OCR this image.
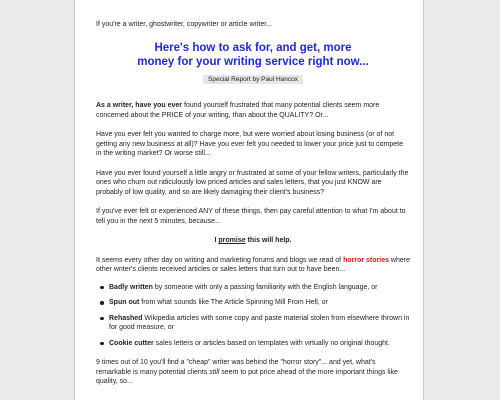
If you're a writer, ghostwriter, copywriter or article writer...

Here's how to ask for, and get, more
money for your writing service right now...
Special Report by Paul Hancox

As a writer, have you ever found yourself frustrated that many potential clients seem more concerned about the PRICE of your writing, than about the QUALITY? Or...

Have you ever felt you wanted to charge more, but were worried about losing business (or of not getting any new business at all)? Have you ever felt you needed to lower your price just to compete in the writing market? Or worse still...

Have you ever found yourself a little angry or frustrated at some of your fellow writers, particularly the ones who churn out ridiculously low priced articles and sales letters, that you just KNOW are probably of low quality, and so are likely damaging their client's business?

If you've ever felt or experienced ANY of these things, then pay careful attention to what I'm about to tell you in the next 5 minutes, because...

I promise this will help.

It seems every other day on writing and marketing forums and blogs we read of horror stories where other writer's clients received articles or sales letters that turn out to have been...

Badly written by someone with only a passing familiarity with the English language, or
Spun out from what sounds like The Article Spinning Mill From Hell, or
Rehashed Wikipedia articles with some copy and paste material stolen from elsewhere thrown in for good measure, or
Cookie cutter sales letters or articles based on templates with virtually no original thought.

9 times out of 10 you'll find a "cheap" writer was behind the "horror story"... and yet, what's remarkable is many potential clients still seem to put price ahead of the more important things like quality, so...
